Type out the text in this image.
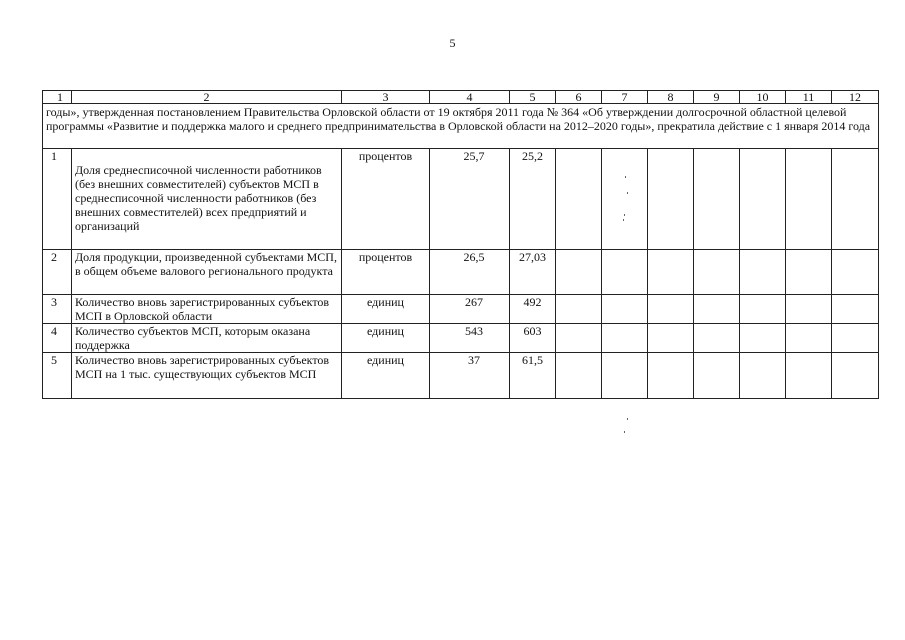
5
1	2	3	4	5	6	7	8	9	10	11	12
годы», утвержденная постановлением Правительства Орловской области от 19 октября 2011 года № 364 «Об утверждении долгосрочной областной целевой программы «Развитие и поддержка малого и среднего предпринимательства в Орловской области на 2012–2020 годы», прекратила действие с 1 января 2014 года											
1	Доля среднесписочной численности работников (без внешних совместителей) субъектов МСП в среднесписочной численности работников (без внешних совместителей) всех предприятий и организаций	процентов	25,7	25,2							
2	Доля продукции, произведенной субъектами МСП, в общем объеме валового регионального продукта	процентов	26,5	27,03							
3	Количество вновь зарегистрированных субъектов МСП в Орловской области	единиц	267	492							
4	Количество субъектов МСП, которым оказана поддержка	единиц	543	603							
5	Количество вновь зарегистрированных субъектов МСП на 1 тыс. существующих субъектов МСП	единиц	37	61,5							
